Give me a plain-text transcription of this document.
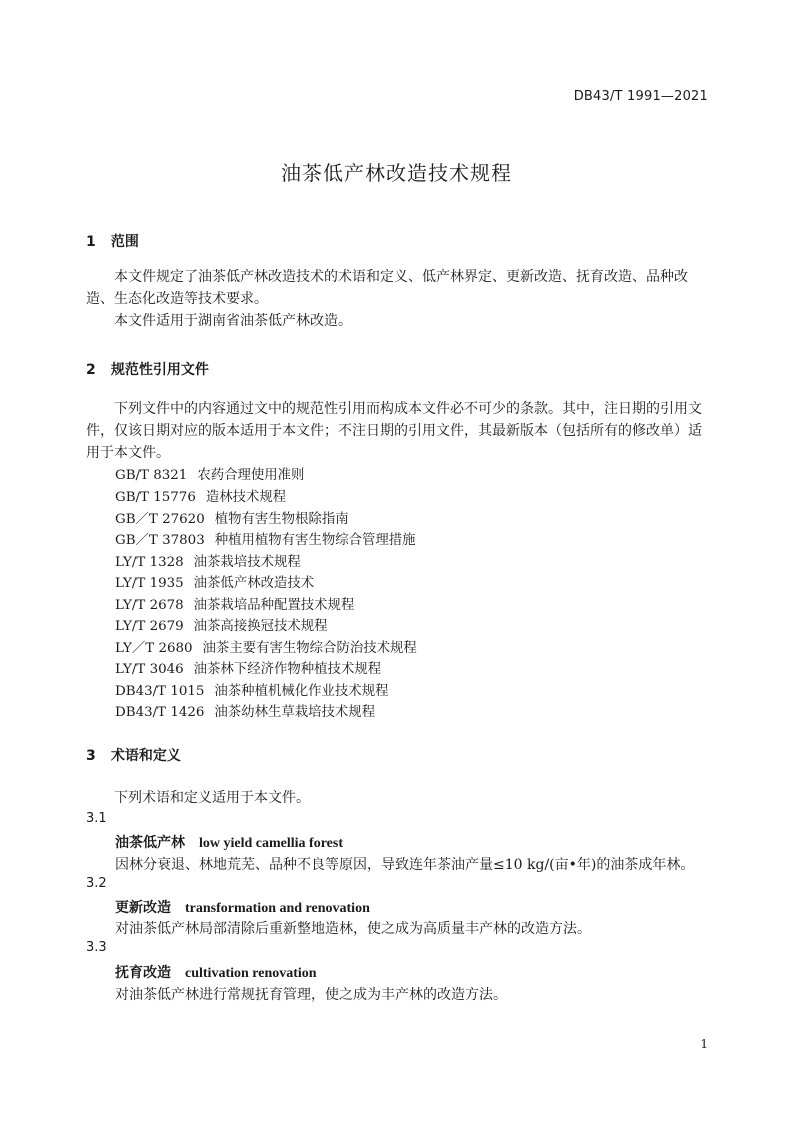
DB43/T 1991—2021
油茶低产林改造技术规程
1 范围

本文件规定了油茶低产林改造技术的术语和定义、低产林界定、更新改造、抚育改造、品种改造、生态化改造等技术要求。

本文件适用于湖南省油茶低产林改造。

2 规范性引用文件

下列文件中的内容通过文中的规范性引用而构成本文件必不可少的条款。其中，注日期的引用文件，仅该日期对应的版本适用于本文件；不注日期的引用文件，其最新版本（包括所有的修改单）适用于本文件。

GB/T 8321 农药合理使用准则
GB/T 15776 造林技术规程
GB／T 27620 植物有害生物根除指南
GB／T 37803 种植用植物有害生物综合管理措施
LY/T 1328 油茶栽培技术规程
LY/T 1935 油茶低产林改造技术
LY/T 2678 油茶栽培品种配置技术规程
LY/T 2679 油茶高接换冠技术规程
LY／T 2680 油茶主要有害生物综合防治技术规程
LY/T 3046 油茶林下经济作物种植技术规程
DB43/T 1015 油茶种植机械化作业技术规程
DB43/T 1426 油茶幼林生草栽培技术规程
3 术语和定义

下列术语和定义适用于本文件。

3.1
油茶低产林 low yield camellia forest
因林分衰退、林地荒芜、品种不良等原因，导致连年茶油产量≤10 kg/(亩•年)的油茶成年林。
3.2
更新改造 transformation and renovation
对油茶低产林局部清除后重新整地造林，使之成为高质量丰产林的改造方法。
3.3
抚育改造 cultivation renovation
对油茶低产林进行常规抚育管理，使之成为丰产林的改造方法。
1
